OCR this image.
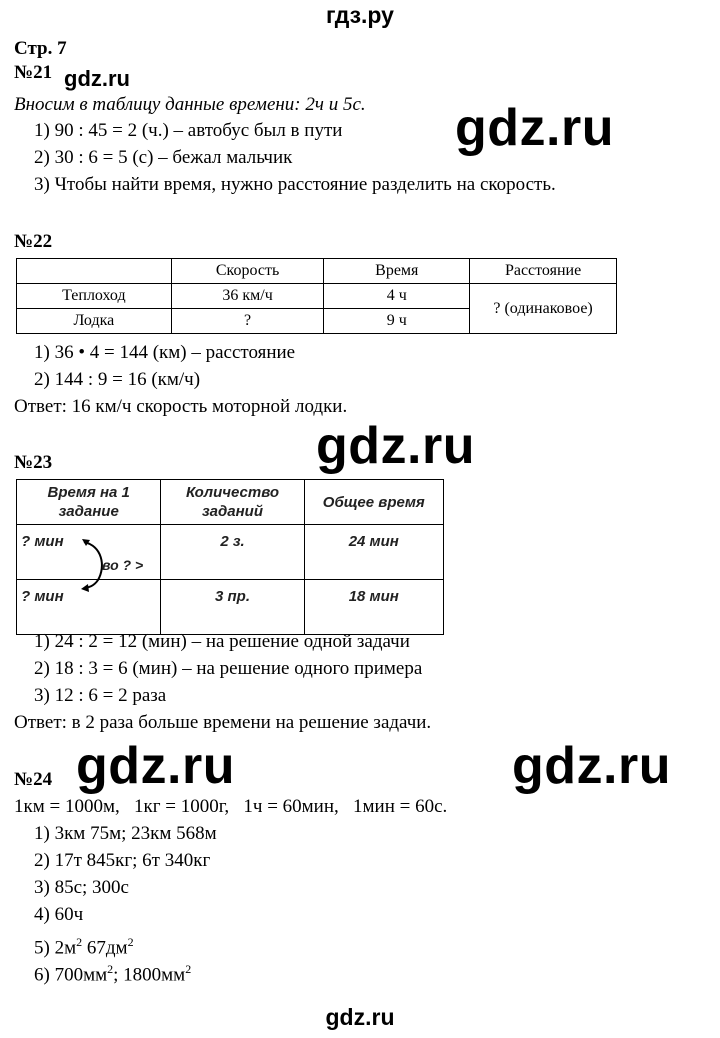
гдз.ру
Стр. 7
№21 gdz.ru
Вносим в таблицу данные времени: 2ч и 5с.
1) 90 : 45 = 2 (ч.) – автобус был в пути
2) 30 : 6 = 5 (с) – бежал мальчик
3) Чтобы найти время, нужно расстояние разделить на скорость.
gdz.ru
№22
	Скорость	Время	Расстояние
Теплоход	36 км/ч	4 ч	? (одинаковое)
Лодка	?	9 ч	
1) 36 • 4 = 144 (км) – расстояние
2) 144 : 9 = 16 (км/ч)
Ответ: 16 км/ч скорость моторной лодки.
gdz.ru
№23
Время на 1 задание	Количество заданий	Общее время
? мин	2 з.	24 мин
? мин	3 пр.	18 мин
во ? >
1) 24 : 2 = 12 (мин) – на решение одной задачи
2) 18 : 3 = 6 (мин) – на решение одного примера
3) 12 : 6 = 2 раза
Ответ: в 2 раза больше времени на решение задачи.
gdz.ru	gdz.ru
№24
1км = 1000м,   1кг = 1000г,   1ч = 60мин,   1мин = 60с.
1) 3км 75м; 23км 568м
2) 17т 845кг; 6т 340кг
3) 85с; 300с
4) 60ч
5) $2м^2$ $67дм^2$
6) $700мм^2$; $1800мм^2$
gdz.ru
